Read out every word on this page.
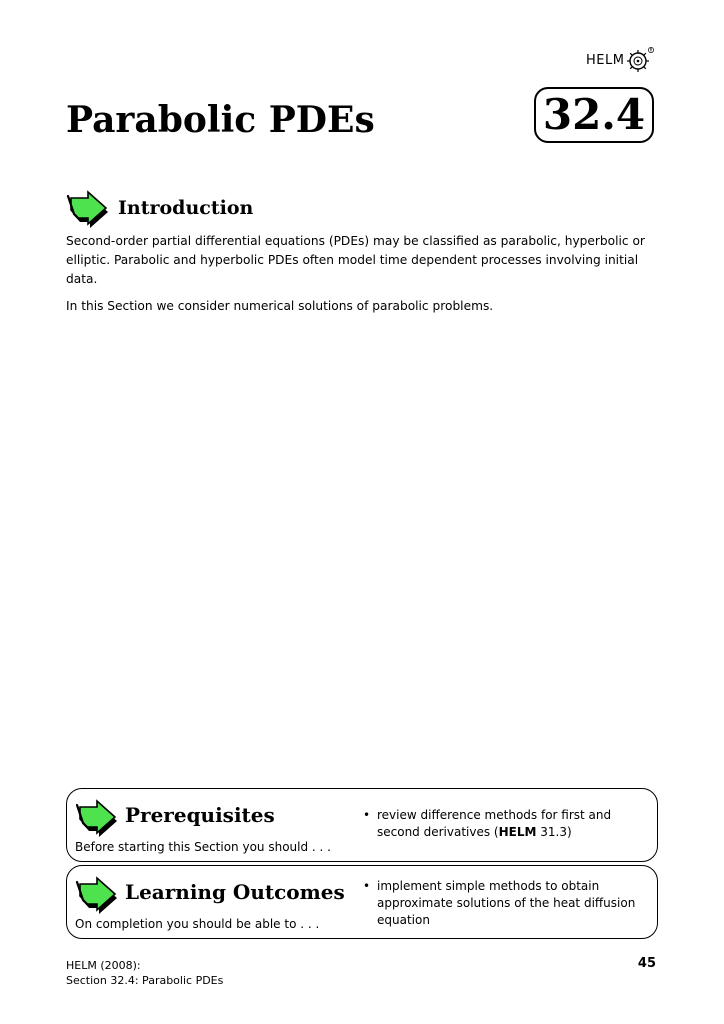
HELM
R
Parabolic PDEs	32.4
Introduction

Second-order partial differential equations (PDEs) may be classified as parabolic, hyperbolic or elliptic. Parabolic and hyperbolic PDEs often model time dependent processes involving initial data.

In this Section we consider numerical solutions of parabolic problems.

Prerequisites
Before starting this Section you should . . .
• review difference methods for first and second derivatives (HELM 31.3)
Learning Outcomes
On completion you should be able to . . .
• implement simple methods to obtain approximate solutions of the heat diffusion equation
HELM (2008):
Section 32.4: Parabolic PDEs
45
